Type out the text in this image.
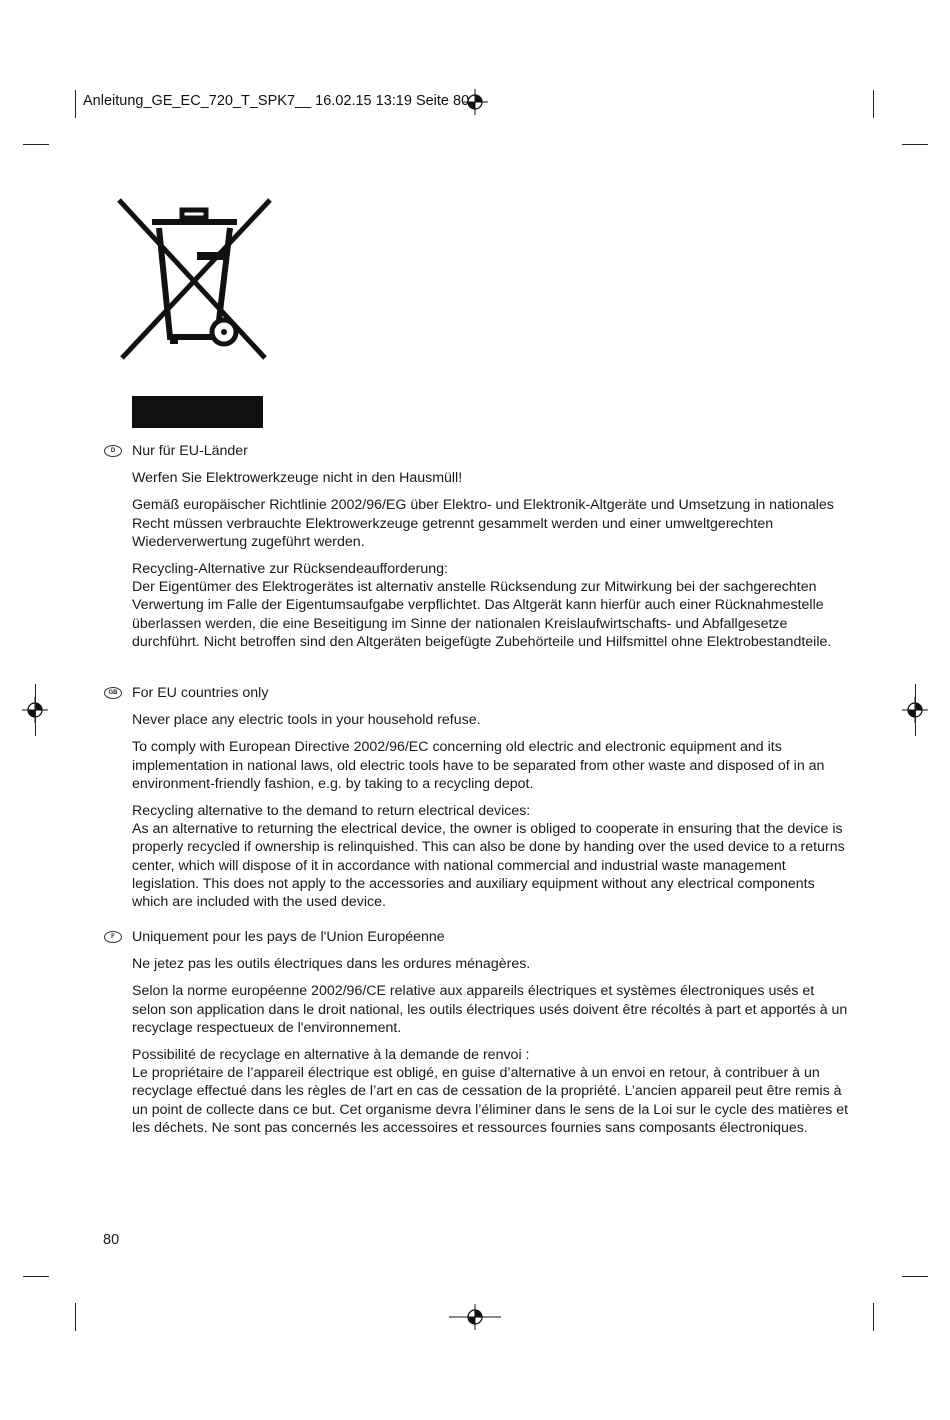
Anleitung_GE_EC_720_T_SPK7__ 16.02.15 13:19 Seite 80
D	Nur für EU-Länder

Werfen Sie Elektrowerkzeuge nicht in den Hausmüll!

Gemäß europäischer Richtlinie 2002/96/EG über Elektro- und Elektronik-Altgeräte und Umsetzung in nationales Recht müssen verbrauchte Elektrowerkzeuge getrennt gesammelt werden und einer umweltgerechten Wiederverwertung zugeführt werden.

Recycling-Alternative zur Rücksendeaufforderung:
Der Eigentümer des Elektrogerätes ist alternativ anstelle Rücksendung zur Mitwirkung bei der sachgerechten Verwertung im Falle der Eigentumsaufgabe verpflichtet. Das Altgerät kann hierfür auch einer Rücknahmestelle überlassen werden, die eine Beseitigung im Sinne der nationalen Kreislaufwirtschafts- und Abfallgesetze durchführt. Nicht betroffen sind den Altgeräten beigefügte Zubehörteile und Hilfsmittel ohne Elektrobestandteile.

GB	For EU countries only

Never place any electric tools in your household refuse.

To comply with European Directive 2002/96/EC concerning old electric and electronic equipment and its implementation in national laws, old electric tools have to be separated from other waste and disposed of in an environment-friendly fashion, e.g. by taking to a recycling depot.

Recycling alternative to the demand to return electrical devices:
As an alternative to returning the electrical device, the owner is obliged to cooperate in ensuring that the device is properly recycled if ownership is relinquished. This can also be done by handing over the used device to a returns center, which will dispose of it in accordance with national commercial and industrial waste management legislation. This does not apply to the accessories and auxiliary equipment without any electrical components which are included with the used device.

F	Uniquement pour les pays de l'Union Européenne

Ne jetez pas les outils électriques dans les ordures ménagères.

Selon la norme européenne 2002/96/CE relative aux appareils électriques et systèmes électroniques usés et selon son application dans le droit national, les outils électriques usés doivent être récoltés à part et apportés à un recyclage respectueux de l'environnement.

Possibilité de recyclage en alternative à la demande de renvoi :
Le propriétaire de l’appareil électrique est obligé, en guise d’alternative à un envoi en retour, à contribuer à un recyclage effectué dans les règles de l’art en cas de cessation de la propriété. L’ancien appareil peut être remis à un point de collecte dans ce but. Cet organisme devra l’éliminer dans le sens de la Loi sur le cycle des matières et les déchets. Ne sont pas concernés les accessoires et ressources fournies sans composants électroniques.

80
